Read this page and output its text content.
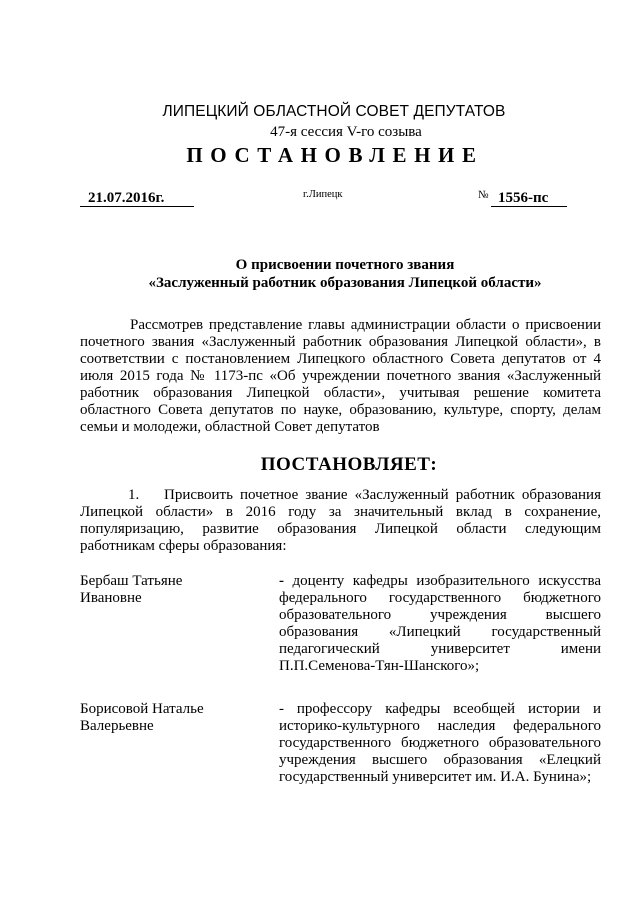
ЛИПЕЦКИЙ ОБЛАСТНОЙ СОВЕТ ДЕПУТАТОВ
47-я сессия V-го созыва
ПОСТАНОВЛЕНИЕ
21.07.2016г.	г.Липецк	№ 1556-пс
О присвоении почетного звания
«Заслуженный работник образования Липецкой области»
Рассмотрев представление главы администрации области о присвоении почетного звания «Заслуженный работник образования Липецкой области», в соответствии с постановлением Липецкого областного Совета депутатов от 4 июля 2015 года № 1173-пс «Об учреждении почетного звания «Заслуженный работник образования Липецкой области», учитывая решение комитета областного Совета депутатов по науке, образованию, культуре, спорту, делам семьи и молодежи, областной Совет депутатов
ПОСТАНОВЛЯЕТ:
1. Присвоить почетное звание «Заслуженный работник образования Липецкой области» в 2016 году за значительный вклад в сохранение, популяризацию, развитие образования Липецкой области следующим работникам сферы образования:
Бербаш Татьяне
Ивановне
- доценту кафедры изобразительного искусства федерального государственного бюджетного образовательного учреждения высшего образования «Липецкий государственный педагогический университет имени П.П.Семенова-Тян-Шанского»;
Борисовой Наталье
Валерьевне
- профессору кафедры всеобщей истории и историко-культурного наследия федерального государственного бюджетного образовательного учреждения высшего образования «Елецкий государственный университет им. И.А. Бунина»;
